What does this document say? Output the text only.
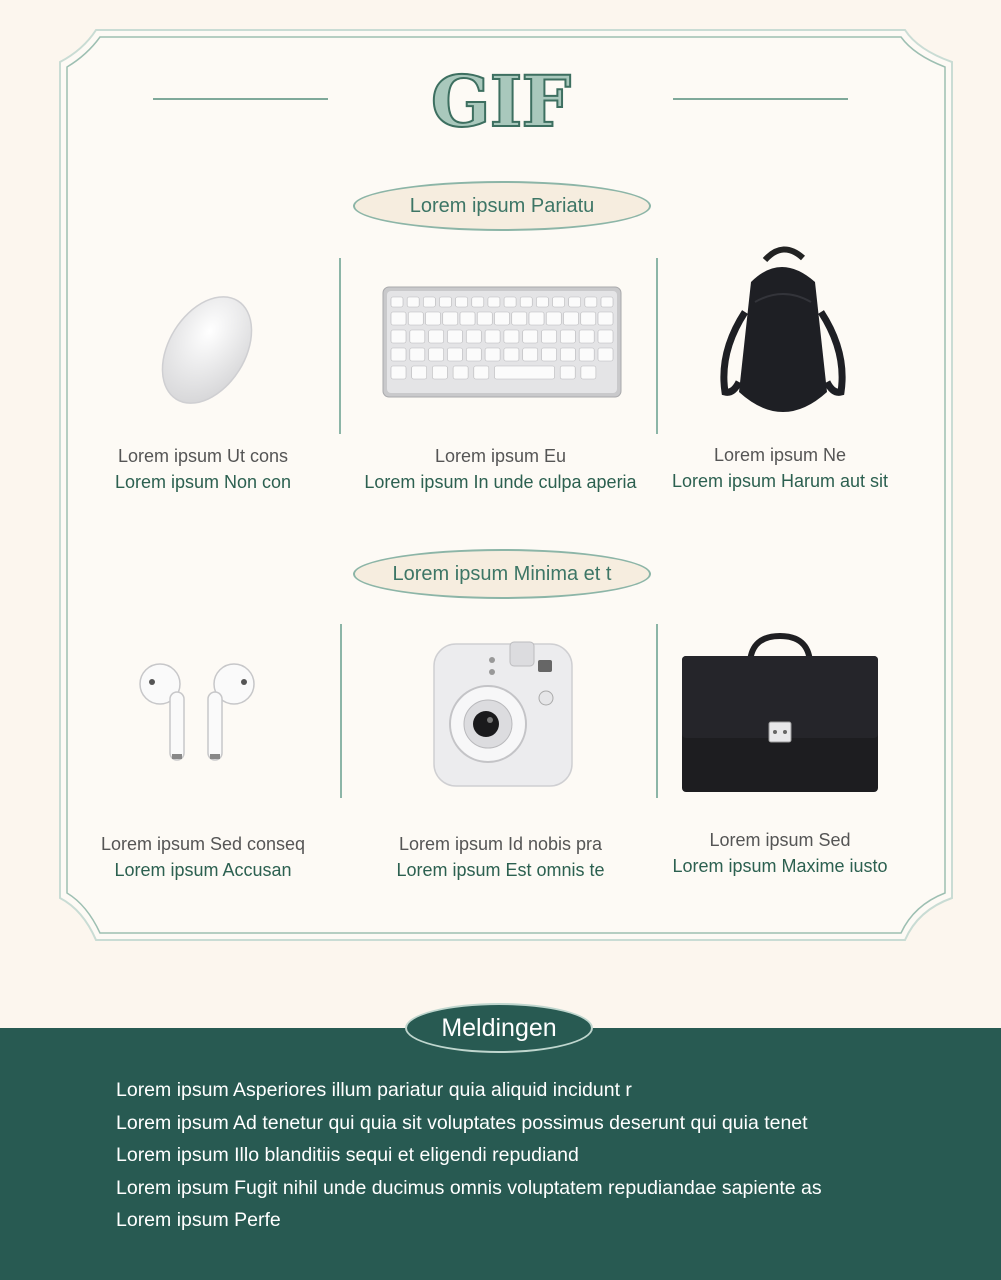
GIF
Lorem ipsum Pariatu
Lorem ipsum Ut cons
Lorem ipsum Non con
Lorem ipsum Eu
Lorem ipsum In unde culpa aperia
Lorem ipsum Ne
Lorem ipsum Harum aut sit
Lorem ipsum Minima et t
Lorem ipsum Sed conseq
Lorem ipsum Accusan
Lorem ipsum Id nobis pra
Lorem ipsum Est omnis te
Lorem ipsum Sed
Lorem ipsum Maxime iusto
Meldingen
Lorem ipsum Asperiores illum pariatur quia aliquid incidunt r
Lorem ipsum Ad tenetur qui quia sit voluptates possimus deserunt qui quia tenet
Lorem ipsum Illo blanditiis sequi et eligendi repudiand
Lorem ipsum Fugit nihil unde ducimus omnis voluptatem repudiandae sapiente as
Lorem ipsum Perfe
